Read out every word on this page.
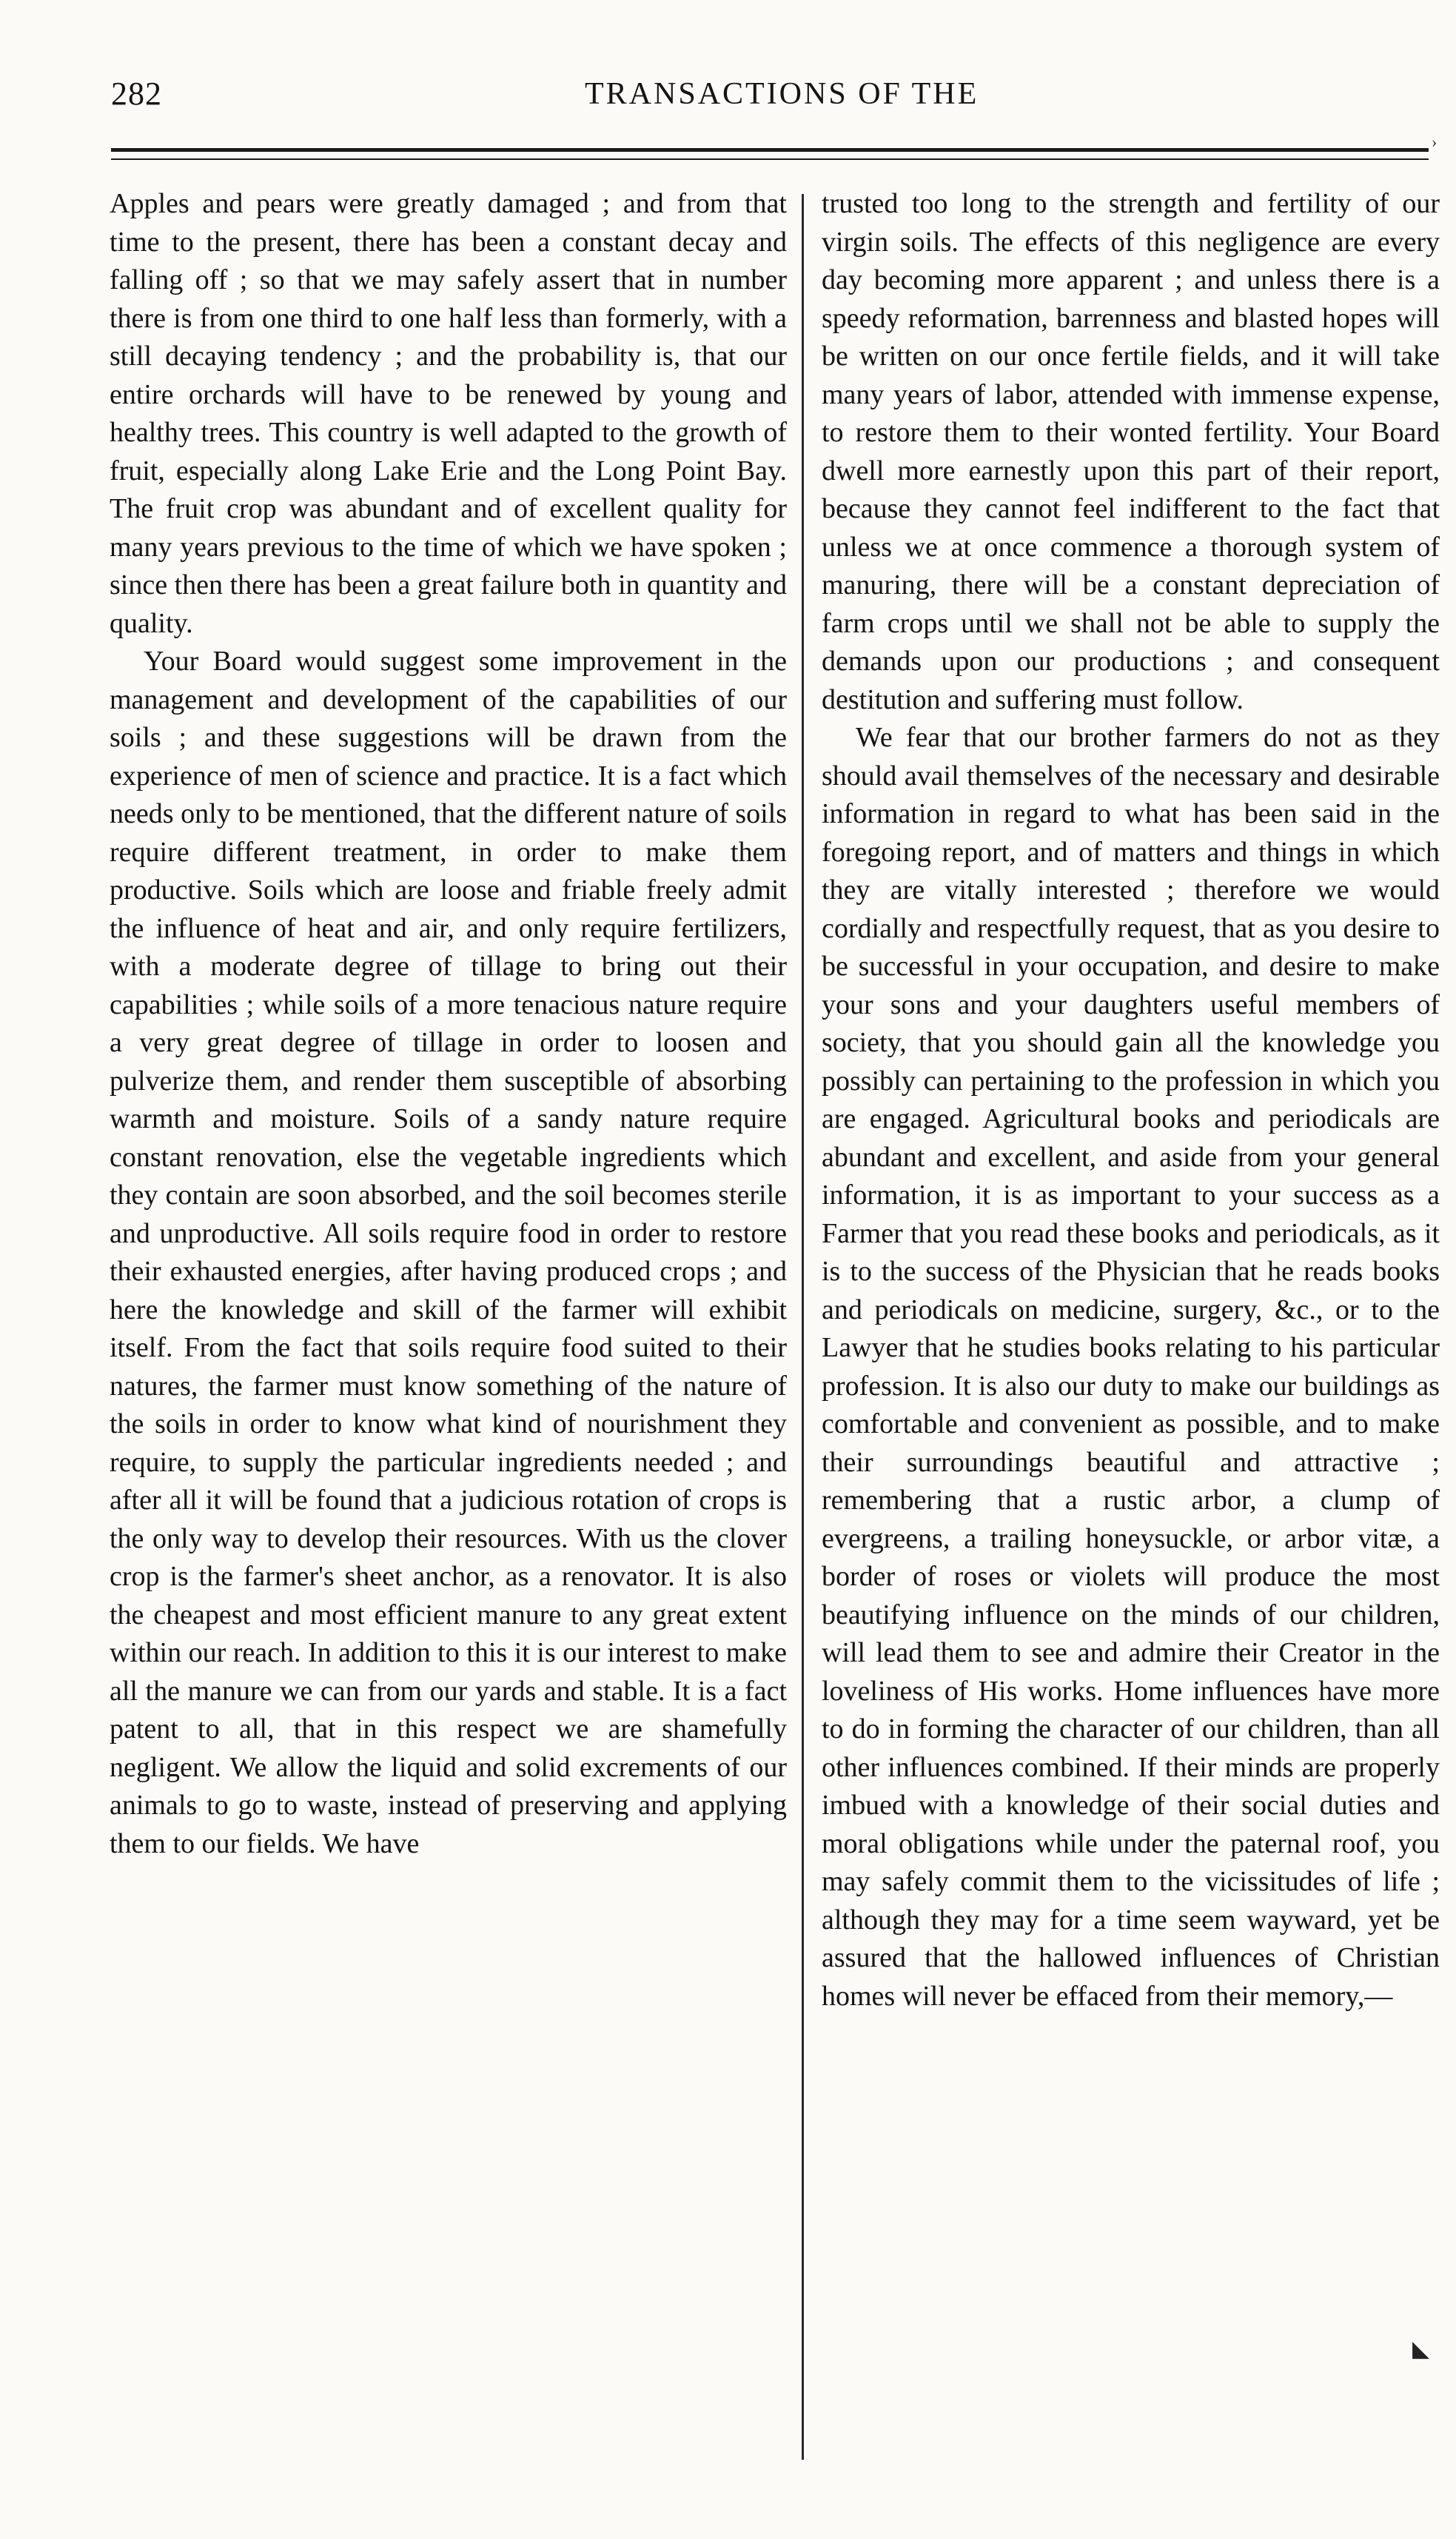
282	TRANSACTIONS OF THE
›

Apples and pears were greatly damaged ; and from that time to the present, there has been a constant decay and falling off ; so that we may safely assert that in number there is from one third to one half less than formerly, with a still decaying tendency ; and the probability is, that our entire orchards will have to be renewed by young and healthy trees. This country is well adapted to the growth of fruit, especially along Lake Erie and the Long Point Bay. The fruit crop was abundant and of excellent quality for many years previous to the time of which we have spoken ; since then there has been a great failure both in quantity and quality.

Your Board would suggest some improvement in the management and development of the capabilities of our soils ; and these suggestions will be drawn from the experience of men of science and practice. It is a fact which needs only to be mentioned, that the different nature of soils require different treatment, in order to make them productive. Soils which are loose and friable freely admit the influence of heat and air, and only require fertilizers, with a moderate degree of tillage to bring out their capabilities ; while soils of a more tenacious nature require a very great degree of tillage in order to loosen and pulverize them, and render them susceptible of absorbing warmth and moisture. Soils of a sandy nature require constant renovation, else the vegetable ingredients which they contain are soon absorbed, and the soil becomes sterile and unproductive. All soils require food in order to restore their exhausted energies, after having produced crops ; and here the knowledge and skill of the farmer will exhibit itself. From the fact that soils require food suited to their natures, the farmer must know something of the nature of the soils in order to know what kind of nourishment they require, to supply the particular ingredients needed ; and after all it will be found that a judicious rotation of crops is the only way to develop their resources. With us the clover crop is the farmer's sheet anchor, as a renovator. It is also the cheapest and most efficient manure to any great extent within our reach. In addition to this it is our interest to make all the manure we can from our yards and stable. It is a fact patent to all, that in this respect we are shamefully negligent. We allow the liquid and solid excrements of our animals to go to waste, instead of preserving and applying them to our fields. We have

trusted too long to the strength and fertility of our virgin soils. The effects of this negligence are every day becoming more apparent ; and unless there is a speedy reformation, barrenness and blasted hopes will be written on our once fertile fields, and it will take many years of labor, attended with immense expense, to restore them to their wonted fertility. Your Board dwell more earnestly upon this part of their report, because they cannot feel indifferent to the fact that unless we at once commence a thorough system of manuring, there will be a constant depreciation of farm crops until we shall not be able to supply the demands upon our productions ; and consequent destitution and suffering must follow.

We fear that our brother farmers do not as they should avail themselves of the necessary and desirable information in regard to what has been said in the foregoing report, and of matters and things in which they are vitally interested ; therefore we would cordially and respectfully request, that as you desire to be successful in your occupation, and desire to make your sons and your daughters useful members of society, that you should gain all the knowledge you possibly can pertaining to the profession in which you are engaged. Agricultural books and periodicals are abundant and excellent, and aside from your general information, it is as important to your success as a Farmer that you read these books and periodicals, as it is to the success of the Physician that he reads books and periodicals on medicine, surgery, &c., or to the Lawyer that he studies books relating to his particular profession. It is also our duty to make our buildings as comfortable and convenient as possible, and to make their surroundings beautiful and attractive ; remembering that a rustic arbor, a clump of evergreens, a trailing honeysuckle, or arbor vitæ, a border of roses or violets will produce the most beautifying influence on the minds of our children, will lead them to see and admire their Creator in the loveliness of His works. Home influences have more to do in forming the character of our children, than all other influences combined. If their minds are properly imbued with a knowledge of their social duties and moral obligations while under the paternal roof, you may safely commit them to the vicissitudes of life ; although they may for a time seem wayward, yet be assured that the hallowed influences of Christian homes will never be effaced from their memory,—

◣
